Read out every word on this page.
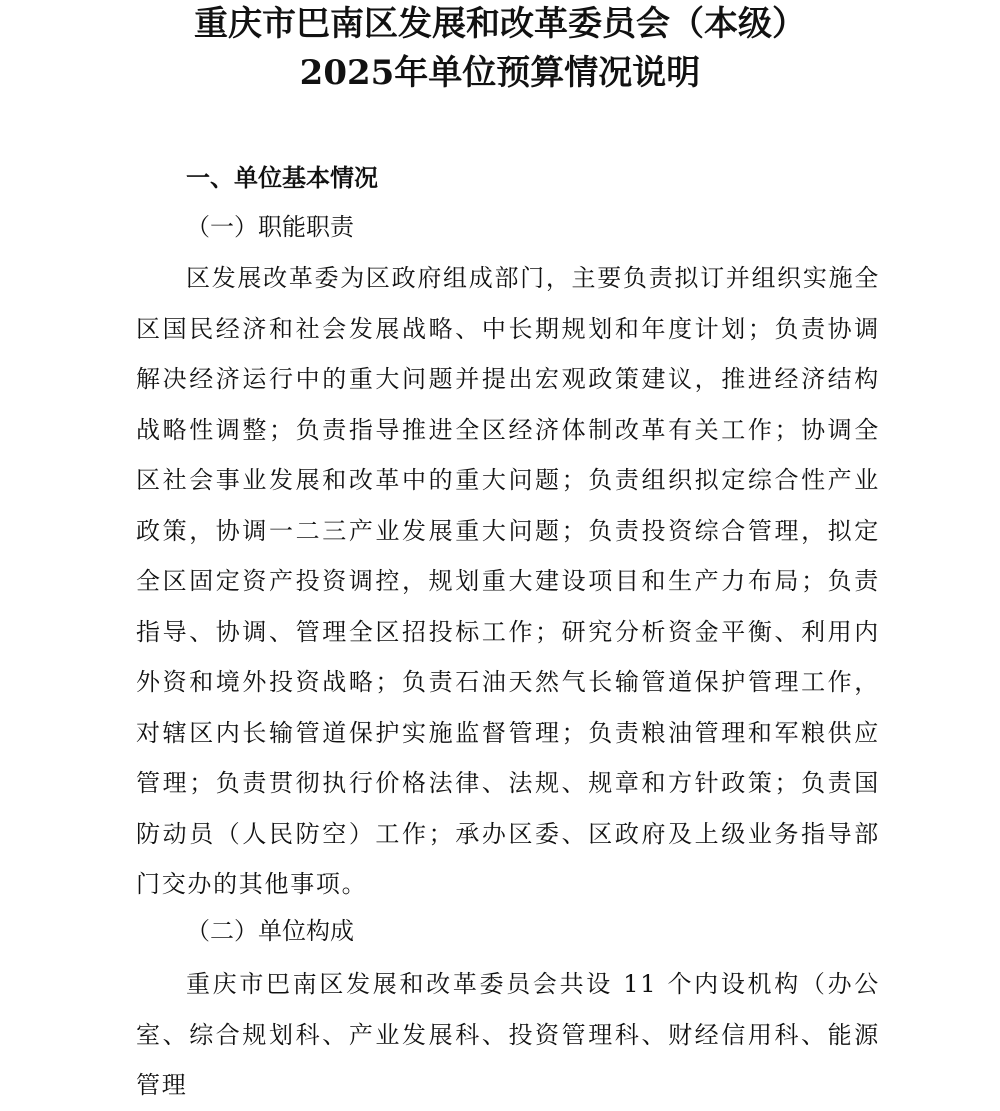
重庆市巴南区发展和改革委员会（本级）
2025年单位预算情况说明
一、单位基本情况
（一）职能职责

区发展改革委为区政府组成部门，主要负责拟订并组织实施全区国民经济和社会发展战略、中长期规划和年度计划；负责协调解决经济运行中的重大问题并提出宏观政策建议，推进经济结构战略性调整；负责指导推进全区经济体制改革有关工作；协调全区社会事业发展和改革中的重大问题；负责组织拟定综合性产业政策，协调一二三产业发展重大问题；负责投资综合管理，拟定全区固定资产投资调控，规划重大建设项目和生产力布局；负责指导、协调、管理全区招投标工作；研究分析资金平衡、利用内外资和境外投资战略；负责石油天然气长输管道保护管理工作，对辖区内长输管道保护实施监督管理；负责粮油管理和军粮供应管理；负责贯彻执行价格法律、法规、规章和方针政策；负责国防动员（人民防空）工作；承办区委、区政府及上级业务指导部门交办的其他事项。

（二）单位构成

重庆市巴南区发展和改革委员会共设 11 个内设机构（办公室、综合规划科、产业发展科、投资管理科、财经信用科、能源管理
